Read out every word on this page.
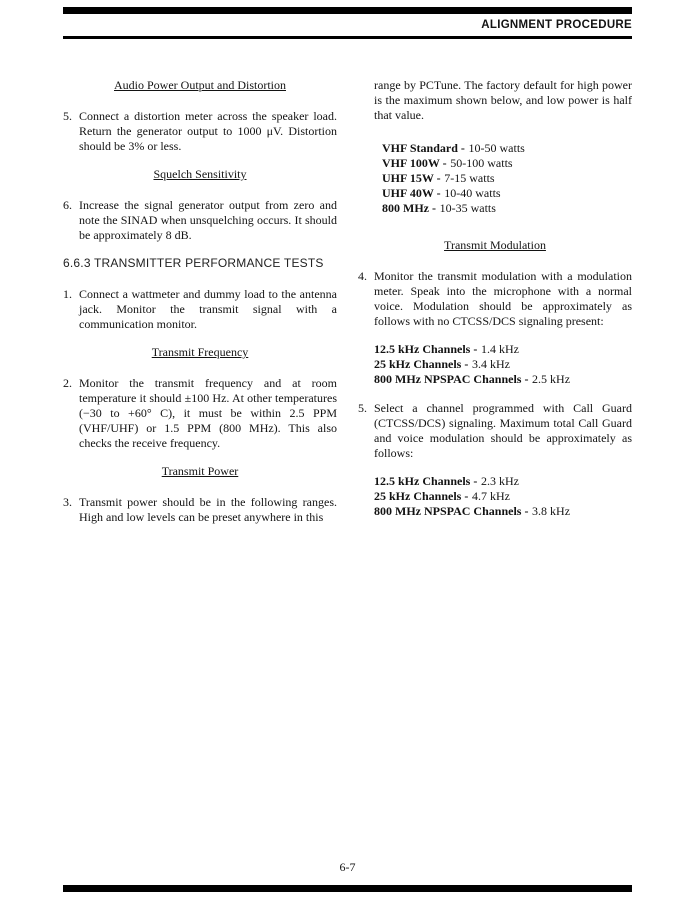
ALIGNMENT PROCEDURE
Audio Power Output and Distortion
5. Connect a distortion meter across the speaker load. Return the generator output to 1000 μV. Distortion should be 3% or less.
Squelch Sensitivity
6. Increase the signal generator output from zero and note the SINAD when unsquelching occurs. It should be approximately 8 dB.
6.6.3 TRANSMITTER PERFORMANCE TESTS
1. Connect a wattmeter and dummy load to the antenna jack. Monitor the transmit signal with a communication monitor.
Transmit Frequency
2. Monitor the transmit frequency and at room temperature it should ±100 Hz. At other temperatures (−30 to +60° C), it must be within 2.5 PPM (VHF/UHF) or 1.5 PPM (800 MHz). This also checks the receive frequency.
Transmit Power
3. Transmit power should be in the following ranges. High and low levels can be preset anywhere in this
range by PCTune. The factory default for high power is the maximum shown below, and low power is half that value.
VHF Standard - 10-50 watts
VHF 100W - 50-100 watts
UHF 15W - 7-15 watts
UHF 40W - 10-40 watts
800 MHz - 10-35 watts
Transmit Modulation
4. Monitor the transmit modulation with a modulation meter. Speak into the microphone with a normal voice. Modulation should be approximately as follows with no CTCSS/DCS signaling present:
12.5 kHz Channels - 1.4 kHz
25 kHz Channels - 3.4 kHz
800 MHz NPSPAC Channels - 2.5 kHz
5. Select a channel programmed with Call Guard (CTCSS/DCS) signaling. Maximum total Call Guard and voice modulation should be approximately as follows:
12.5 kHz Channels - 2.3 kHz
25 kHz Channels - 4.7 kHz
800 MHz NPSPAC Channels - 3.8 kHz
6-7
